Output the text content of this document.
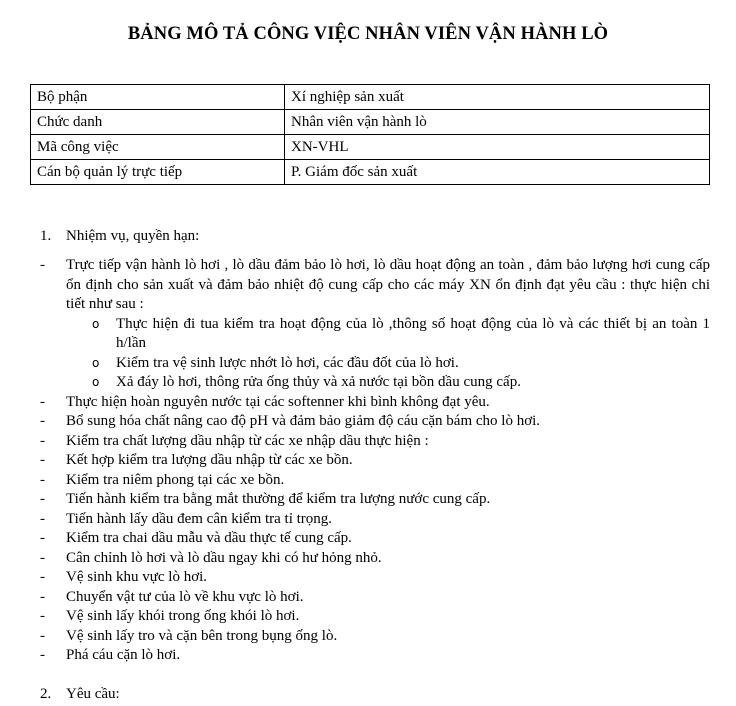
BẢNG MÔ TẢ CÔNG VIỆC NHÂN VIÊN VẬN HÀNH LÒ
Bộ phận	Xí nghiệp sản xuất
Chức danh	Nhân viên vận hành lò
Mã công việc	XN-VHL
Cán bộ quản lý trực tiếp	P. Giám đốc sản xuất
1. Nhiệm vụ, quyền hạn:
- Trực tiếp vận hành lò hơi , lò dầu đảm bảo lò hơi, lò dầu hoạt động an toàn , đảm bảo lượng hơi cung cấp ổn định cho sản xuất và đảm bảo nhiệt độ cung cấp cho các máy XN ổn định đạt yêu cầu : thực hiện chi tiết như sau :
o Thực hiện đi tua kiểm tra hoạt động của lò ,thông số hoạt động của lò và các thiết bị an toàn 1 h/lần
o Kiểm tra vệ sinh lược nhớt lò hơi, các đầu đốt của lò hơi.
o Xả đáy lò hơi, thông rửa ống thủy và xả nước tại bồn dầu cung cấp.
- Thực hiện hoàn nguyên nước tại các softenner khi bình không đạt yêu.
- Bổ sung hóa chất nâng cao độ pH và đảm bảo giảm độ cáu cặn bám cho lò hơi.
- Kiểm tra chất lượng dầu nhập từ các xe nhập dầu thực hiện :
- Kết hợp kiểm tra lượng dầu nhập từ các xe bồn.
- Kiểm tra niêm phong tại các xe bồn.
- Tiến hành kiểm tra bằng mắt thường để kiểm tra lượng nước cung cấp.
- Tiến hành lấy dầu đem cân kiểm tra tỉ trọng.
- Kiểm tra chai dầu mẫu và dầu thực tế cung cấp.
- Cân chỉnh lò hơi và lò dầu ngay khi có hư hỏng nhỏ.
- Vệ sinh khu vực lò hơi.
- Chuyển vật tư của lò về khu vực lò hơi.
- Vệ sinh lấy khói trong ống khói lò hơi.
- Vệ sinh lấy tro và cặn bên trong bụng ống lò.
- Phá cáu cặn lò hơi.
2. Yêu cầu:
